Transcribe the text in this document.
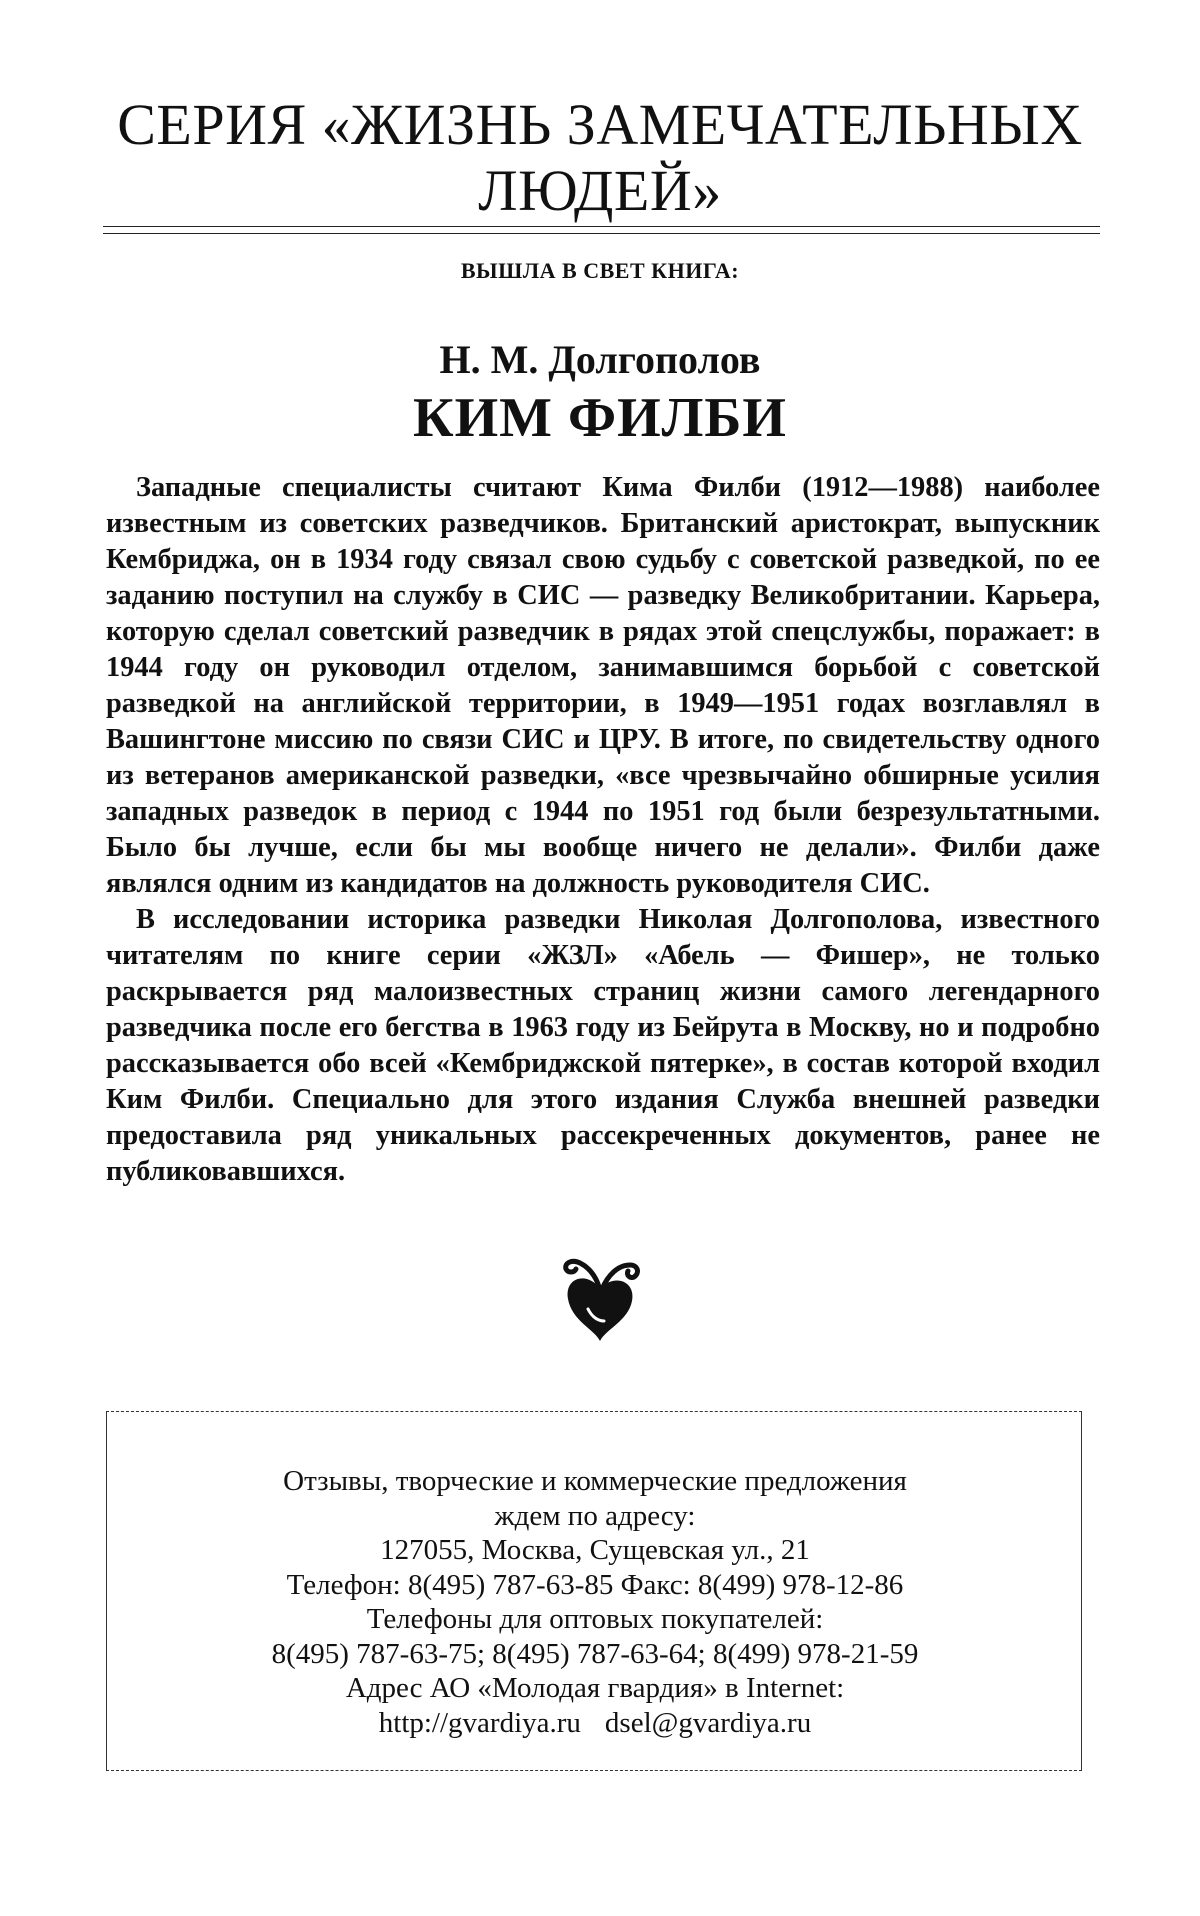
СЕРИЯ «ЖИЗНЬ ЗАМЕЧАТЕЛЬНЫХ
ЛЮДЕЙ»
ВЫШЛА В СВЕТ КНИГА:
Н. М. Долгополов
КИМ ФИЛБИ

Западные специалисты считают Кима Филби (1912—1988) наиболее известным из советских разведчиков. Британский аристократ, выпускник Кембриджа, он в 1934 году связал свою судьбу с советской разведкой, по ее заданию поступил на службу в СИС — разведку Великобритании. Карьера, которую сделал советский разведчик в рядах этой спецслужбы, поражает: в 1944 году он руководил отделом, занимавшимся борьбой с советской разведкой на английской территории, в 1949—1951 годах возглавлял в Вашингтоне миссию по связи СИС и ЦРУ. В итоге, по свидетельству одного из ветеранов американской разведки, «все чрезвычайно обширные усилия западных разведок в период с 1944 по 1951 год были безрезультатными. Было бы лучше, если бы мы вообще ничего не делали». Филби даже являлся одним из кандидатов на должность руководителя СИС.

В исследовании историка разведки Николая Долгополова, известного читателям по книге серии «ЖЗЛ» «Абель — Фишер», не только раскрывается ряд малоизвестных страниц жизни самого легендарного разведчика после его бегства в 1963 году из Бейрута в Москву, но и подробно рассказывается обо всей «Кембриджской пятерке», в состав которой входил Ким Филби. Специально для этого издания Служба внешней разведки предоставила ряд уникальных рассекреченных документов, ранее не публиковавшихся.

Отзывы, творческие и коммерческие предложения
ждем по адресу:
127055, Москва, Сущевская ул., 21
Телефон: 8(495) 787-63-85 Факс: 8(499) 978-12-86
Телефоны для оптовых покупателей:
8(495) 787-63-75; 8(495) 787-63-64; 8(499) 978-21-59
Адрес АО «Молодая гвардия» в Internet:
http://gvardiya.ru dsel@gvardiya.ru
